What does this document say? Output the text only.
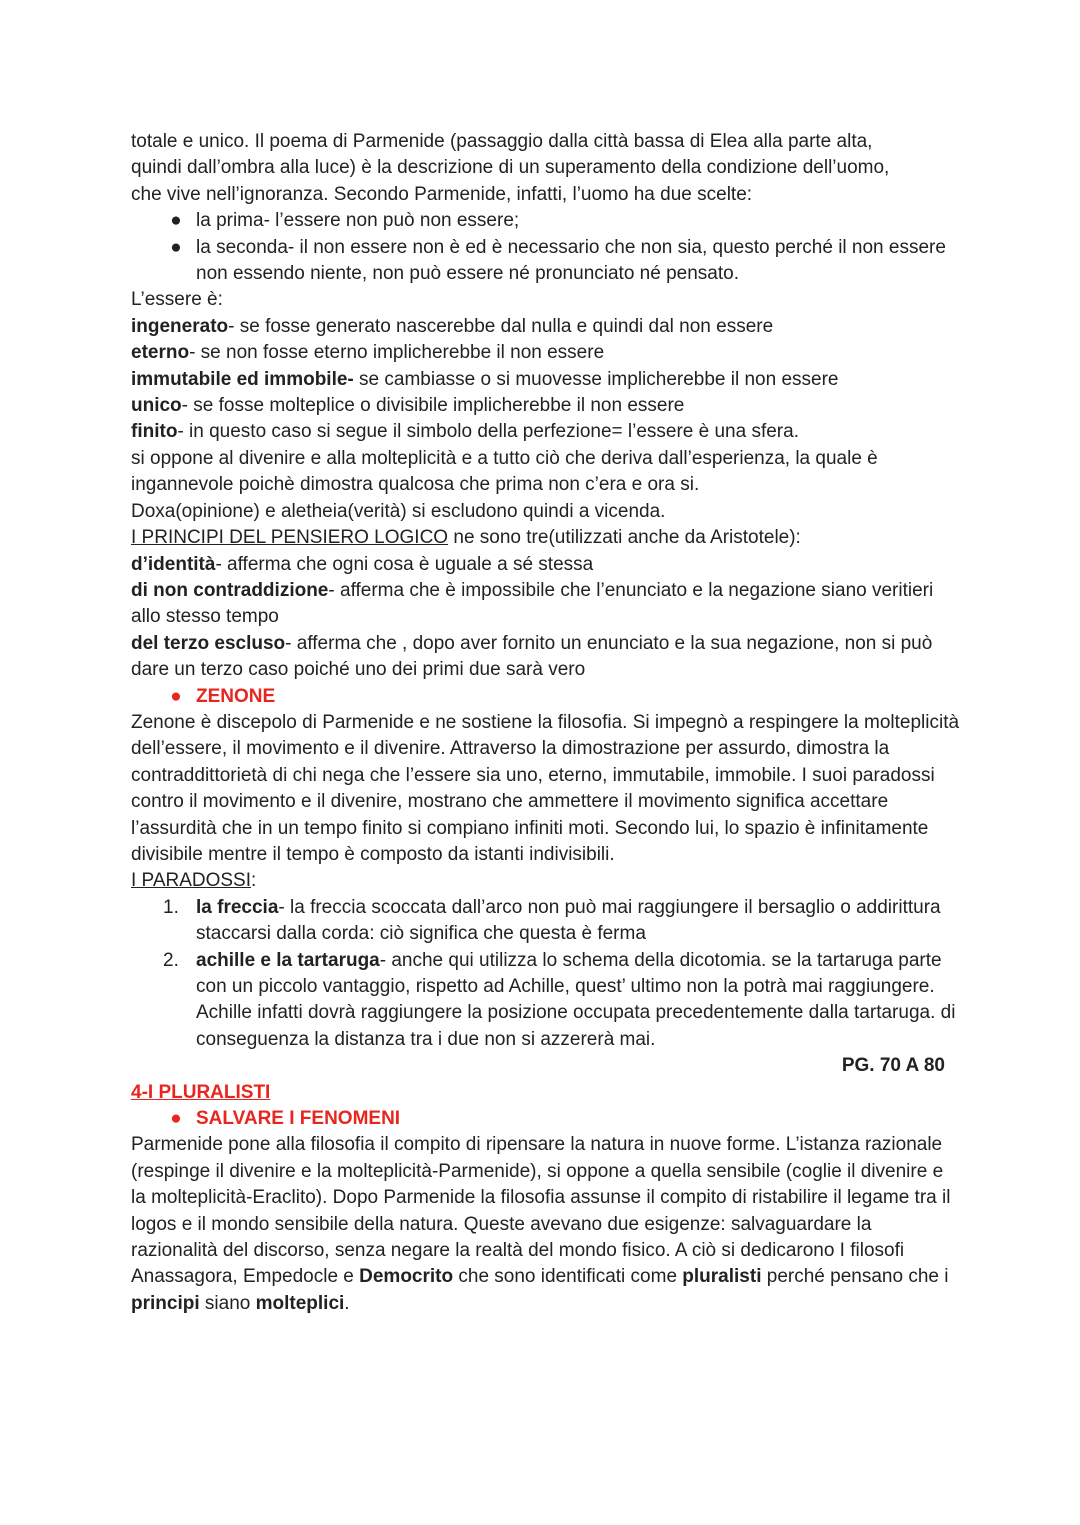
totale e unico. Il poema di Parmenide (passaggio dalla città bassa di Elea alla parte alta,
quindi dall’ombra alla luce) è la descrizione di un superamento della condizione dell’uomo,
che vive nell’ignoranza. Secondo Parmenide, infatti, l’uomo ha due scelte:

● la prima- l’essere non può non essere;
● la seconda- il non essere non è ed è necessario che non sia, questo perché il non essere non essendo niente, non può essere né pronunciato né pensato.

L’essere è:

ingenerato- se fosse generato nascerebbe dal nulla e quindi dal non essere

eterno- se non fosse eterno implicherebbe il non essere

immutabile ed immobile- se cambiasse o si muovesse implicherebbe il non essere

unico- se fosse molteplice o divisibile implicherebbe il non essere

finito- in questo caso si segue il simbolo della perfezione= l’essere è una sfera.

si oppone al divenire e alla molteplicità e a tutto ciò che deriva dall’esperienza, la quale è ingannevole poichè dimostra qualcosa che prima non c’era e ora si.

Doxa(opinione) e aletheia(verità) si escludono quindi a vicenda.

I PRINCIPI DEL PENSIERO LOGICO ne sono tre(utilizzati anche da Aristotele):

d’identità- afferma che ogni cosa è uguale a sé stessa

di non contraddizione- afferma che è impossibile che l’enunciato e la negazione siano veritieri allo stesso tempo

del terzo escluso- afferma che , dopo aver fornito un enunciato e la sua negazione, non si può dare un terzo caso poiché uno dei primi due sarà vero

● ZENONE

Zenone è discepolo di Parmenide e ne sostiene la filosofia. Si impegnò a respingere la molteplicità dell’essere, il movimento e il divenire. Attraverso la dimostrazione per assurdo, dimostra la contraddittorietà di chi nega che l’essere sia uno, eterno, immutabile, immobile. I suoi paradossi contro il movimento e il divenire, mostrano che ammettere il movimento significa accettare l’assurdità che in un tempo finito si compiano infiniti moti. Secondo lui, lo spazio è infinitamente divisibile mentre il tempo è composto da istanti indivisibili.

I PARADOSSI:

1. la freccia- la freccia scoccata dall’arco non può mai raggiungere il bersaglio o addirittura staccarsi dalla corda: ciò significa che questa è ferma
2. achille e la tartaruga- anche qui utilizza lo schema della dicotomia. se la tartaruga parte con un piccolo vantaggio, rispetto ad Achille, quest’ ultimo non la potrà mai raggiungere. Achille infatti dovrà raggiungere la posizione occupata precedentemente dalla tartaruga. di conseguenza la distanza tra i due non si azzererà mai.

PG. 70 A 80

4-I PLURALISTI

● SALVARE I FENOMENI

Parmenide pone alla filosofia il compito di ripensare la natura in nuove forme. L’istanza razionale (respinge il divenire e la molteplicità-Parmenide), si oppone a quella sensibile (coglie il divenire e la molteplicità-Eraclito). Dopo Parmenide la filosofia assunse il compito di ristabilire il legame tra il logos e il mondo sensibile della natura. Queste avevano due esigenze: salvaguardare la razionalità del discorso, senza negare la realtà del mondo fisico. A ciò si dedicarono I filosofi Anassagora, Empedocle e Democrito che sono identificati come pluralisti perché pensano che i principi siano molteplici.
